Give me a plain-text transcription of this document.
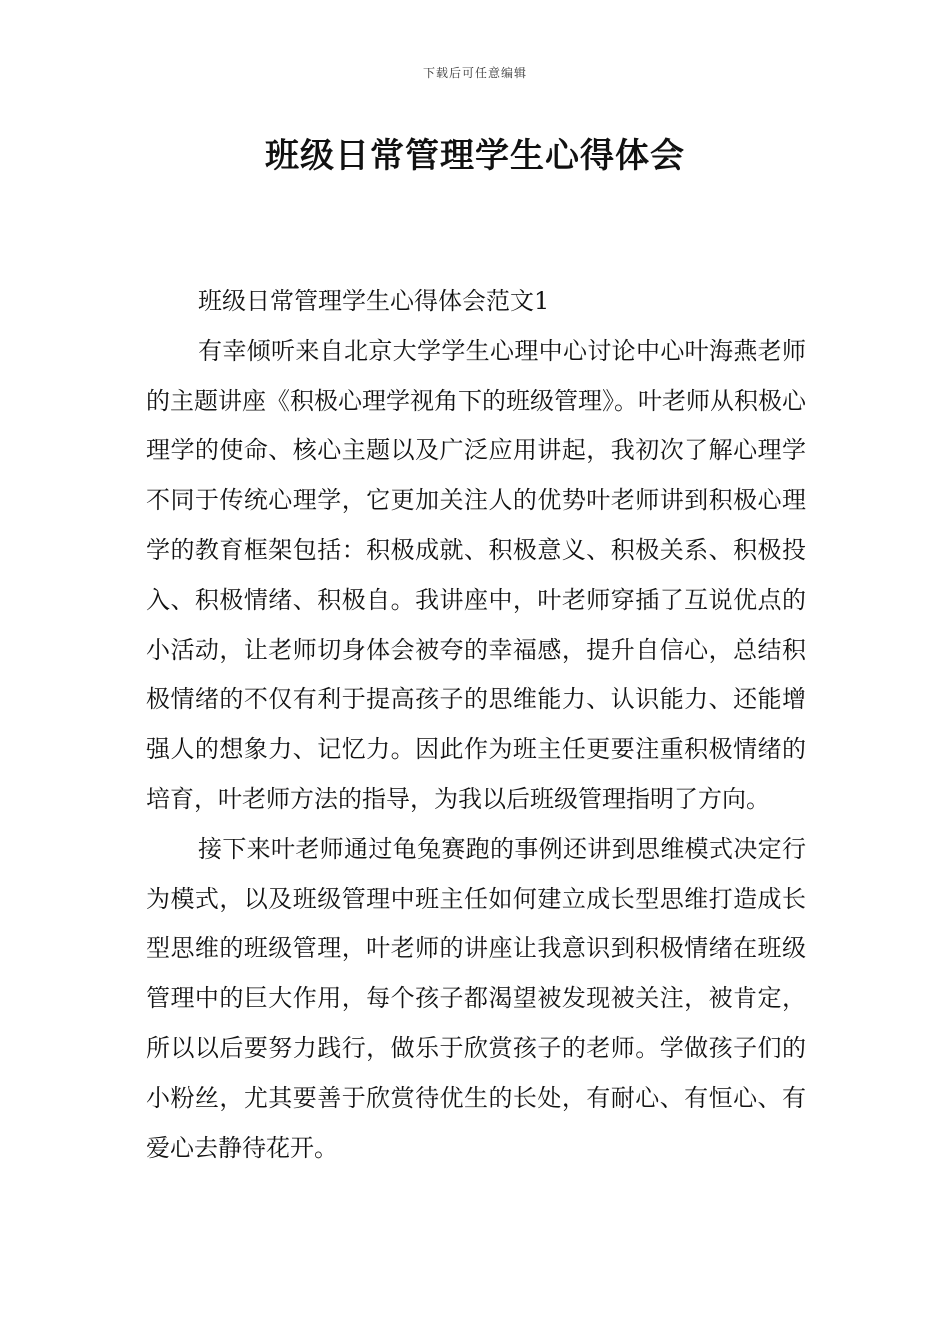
下载后可任意编辑
班级日常管理学生心得体会

班级日常管理学生心得体会范文1

有幸倾听来自北京大学学生心理中心讨论中心叶海燕老师的主题讲座《积极心理学视角下的班级管理》。叶老师从积极心理学的使命、核心主题以及广泛应用讲起，我初次了解心理学不同于传统心理学，它更加关注人的优势叶老师讲到积极心理学的教育框架包括：积极成就、积极意义、积极关系、积极投入、积极情绪、积极自。我讲座中，叶老师穿插了互说优点的小活动，让老师切身体会被夸的幸福感，提升自信心，总结积极情绪的不仅有利于提高孩子的思维能力、认识能力、还能增强人的想象力、记忆力。因此作为班主任更要注重积极情绪的培育，叶老师方法的指导，为我以后班级管理指明了方向。

接下来叶老师通过龟兔赛跑的事例还讲到思维模式决定行为模式，以及班级管理中班主任如何建立成长型思维打造成长型思维的班级管理，叶老师的讲座让我意识到积极情绪在班级管理中的巨大作用，每个孩子都渴望被发现被关注，被肯定，所以以后要努力践行，做乐于欣赏孩子的老师。学做孩子们的小粉丝，尤其要善于欣赏待优生的长处，有耐心、有恒心、有爱心去静待花开。
